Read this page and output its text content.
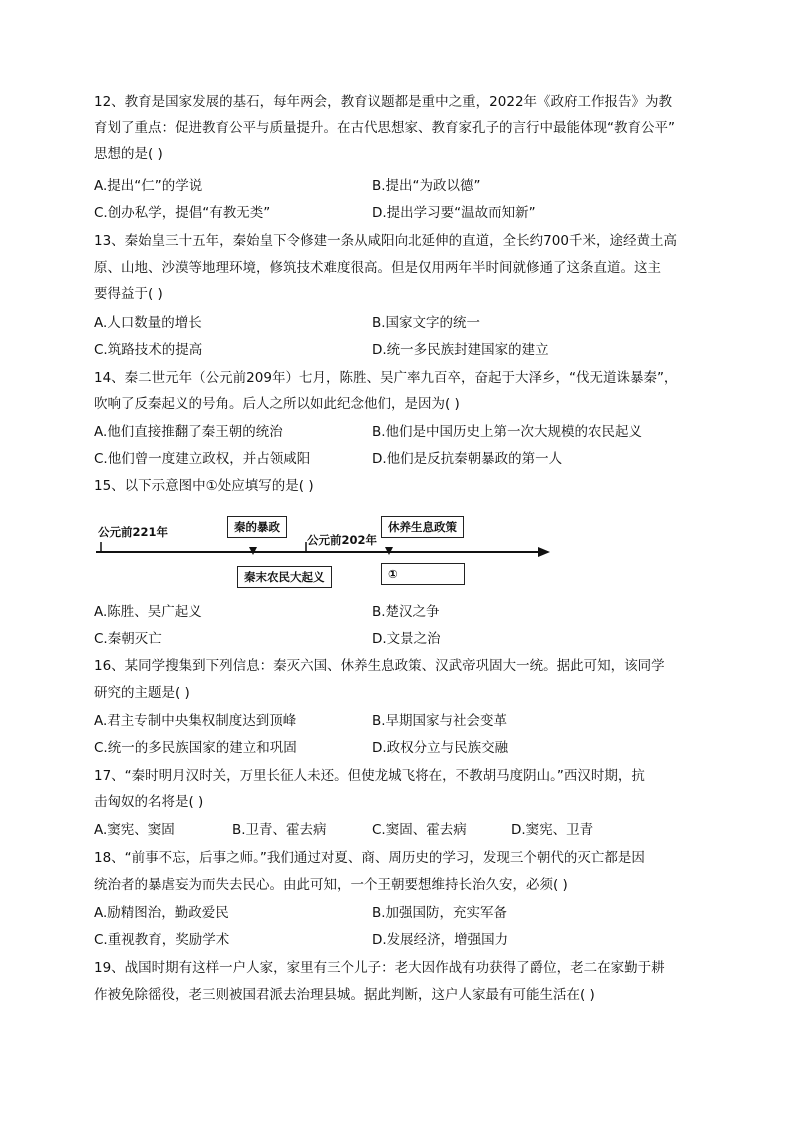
12、教育是国家发展的基石，每年两会，教育议题都是重中之重，2022年《政府工作报告》为教
育划了重点：促进教育公平与质量提升。在古代思想家、教育家孔子的言行中最能体现“教育公平”
思想的是( )
A.提出“仁”的学说	B.提出“为政以德”
C.创办私学，提倡“有教无类”	D.提出学习要“温故而知新”
13、秦始皇三十五年，秦始皇下令修建一条从咸阳向北延伸的直道，全长约700千米，途经黄土高
原、山地、沙漠等地理环境，修筑技术难度很高。但是仅用两年半时间就修通了这条直道。这主
要得益于( )
A.人口数量的增长	B.国家文字的统一
C.筑路技术的提高	D.统一多民族封建国家的建立
14、秦二世元年（公元前209年）七月，陈胜、吴广率九百卒，奋起于大泽乡，“伐无道诛暴秦”，
吹响了反秦起义的号角。后人之所以如此纪念他们，是因为( )
A.他们直接推翻了秦王朝的统治	B.他们是中国历史上第一次大规模的农民起义
C.他们曾一度建立政权，并占领咸阳	D.他们是反抗秦朝暴政的第一人
15、以下示意图中①处应填写的是( )
公元前221年
公元前202年
秦的暴政	休养生息政策
秦末农民大起义	①
A.陈胜、吴广起义	B.楚汉之争
C.秦朝灭亡	D.文景之治
16、某同学搜集到下列信息：秦灭六国、休养生息政策、汉武帝巩固大一统。据此可知，该同学
研究的主题是( )
A.君主专制中央集权制度达到顶峰	B.早期国家与社会变革
C.统一的多民族国家的建立和巩固	D.政权分立与民族交融
17、“秦时明月汉时关，万里长征人未还。但使龙城飞将在，不教胡马度阴山。”西汉时期，抗
击匈奴的名将是( )
A.窦宪、窦固	B.卫青、霍去病	C.窦固、霍去病	D.窦宪、卫青
18、“前事不忘，后事之师。”我们通过对夏、商、周历史的学习，发现三个朝代的灭亡都是因
统治者的暴虐妄为而失去民心。由此可知，一个王朝要想维持长治久安，必须( )
A.励精图治，勤政爱民	B.加强国防，充实军备
C.重视教育，奖励学术	D.发展经济，增强国力
19、战国时期有这样一户人家，家里有三个儿子：老大因作战有功获得了爵位，老二在家勤于耕
作被免除徭役，老三则被国君派去治理县城。据此判断，这户人家最有可能生活在( )
